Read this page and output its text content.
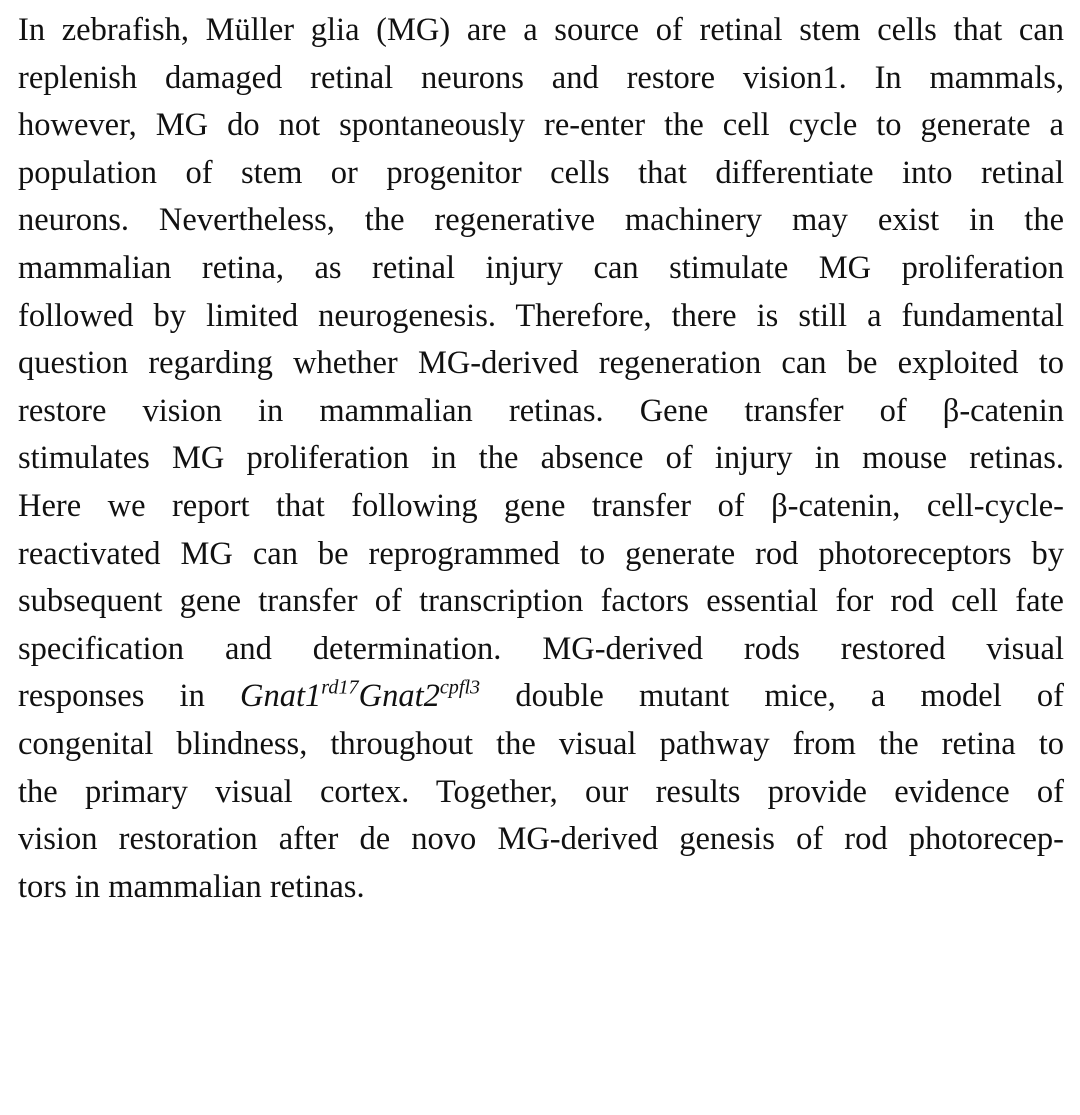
In zebrafish, Müller glia (MG) are a source of retinal stem cells that can
replenish damaged retinal neurons and restore vision1. In mammals,
however, MG do not spontaneously re-enter the cell cycle to generate a
population of stem or progenitor cells that differentiate into retinal
neurons. Nevertheless, the regenerative machinery may exist in the
mammalian retina, as retinal injury can stimulate MG proliferation
followed by limited neurogenesis. Therefore, there is still a fundamental
question regarding whether MG-derived regeneration can be exploited to
restore vision in mammalian retinas. Gene transfer of β-catenin
stimulates MG proliferation in the absence of injury in mouse retinas.
Here we report that following gene transfer of β-catenin, cell-cycle-
reactivated MG can be reprogrammed to generate rod photoreceptors by
subsequent gene transfer of transcription factors essential for rod cell fate
specification and determination. MG-derived rods restored visual
responses in $Gnat1^{rd17}Gnat2^{cpfl3}$ double mutant mice, a model of
congenital blindness, throughout the visual pathway from the retina to
the primary visual cortex. Together, our results provide evidence of
vision restoration after de novo MG-derived genesis of rod photorecep-
tors in mammalian retinas.
